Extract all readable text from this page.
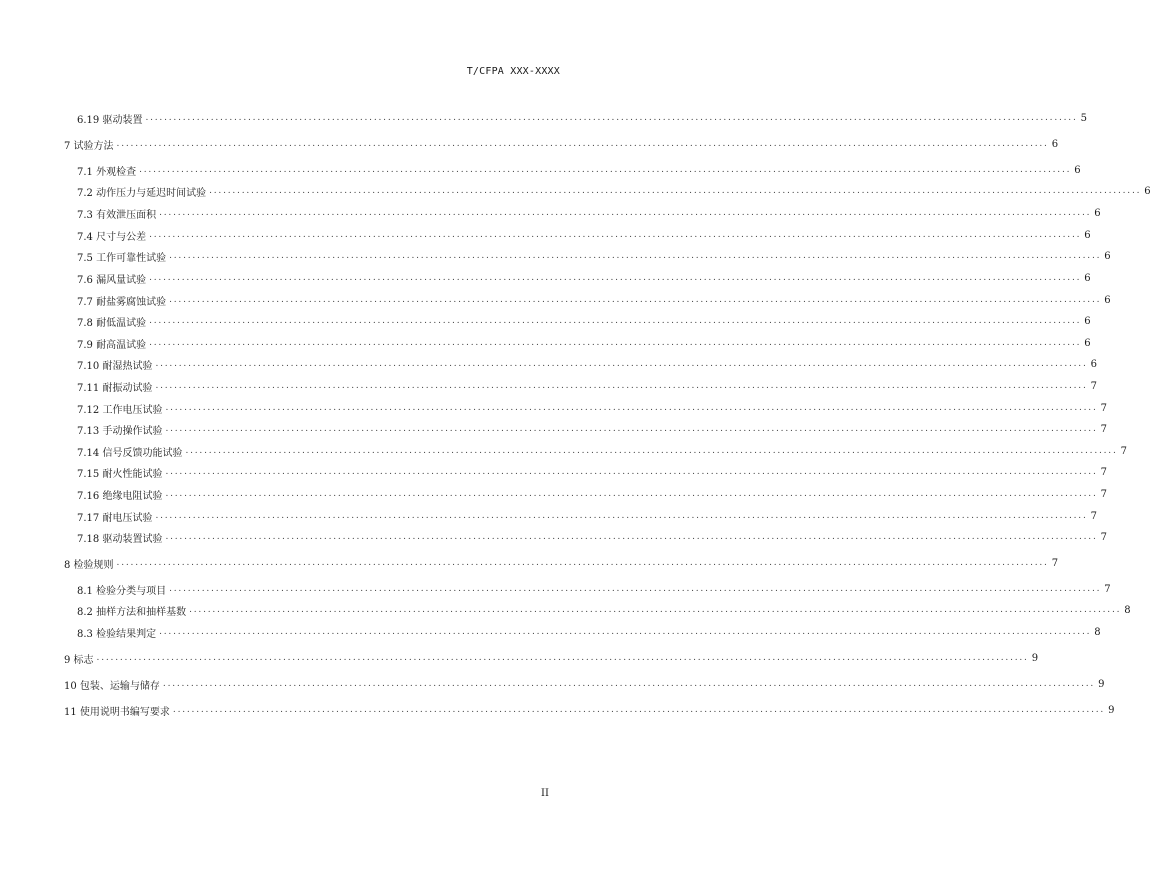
T/CFPA XXX-XXXX
6.19 驱动装置 ........................................................................................................................................................................................................ 5
7 试验方法 ........................................................................................................................................................................................................ 6
7.1 外观检查 ........................................................................................................................................................................................................ 6
7.2 动作压力与延迟时间试验 ........................................................................................................................................................................................................ 6
7.3 有效泄压面积 ........................................................................................................................................................................................................ 6
7.4 尺寸与公差 ........................................................................................................................................................................................................ 6
7.5 工作可靠性试验 ........................................................................................................................................................................................................ 6
7.6 漏风量试验 ........................................................................................................................................................................................................ 6
7.7 耐盐雾腐蚀试验 ........................................................................................................................................................................................................ 6
7.8 耐低温试验 ........................................................................................................................................................................................................ 6
7.9 耐高温试验 ........................................................................................................................................................................................................ 6
7.10 耐湿热试验 ........................................................................................................................................................................................................ 6
7.11 耐振动试验 ........................................................................................................................................................................................................ 7
7.12 工作电压试验 ........................................................................................................................................................................................................ 7
7.13 手动操作试验 ........................................................................................................................................................................................................ 7
7.14 信号反馈功能试验 ........................................................................................................................................................................................................ 7
7.15 耐火性能试验 ........................................................................................................................................................................................................ 7
7.16 绝缘电阻试验 ........................................................................................................................................................................................................ 7
7.17 耐电压试验 ........................................................................................................................................................................................................ 7
7.18 驱动装置试验 ........................................................................................................................................................................................................ 7
8 检验规则 ........................................................................................................................................................................................................ 7
8.1 检验分类与项目 ........................................................................................................................................................................................................ 7
8.2 抽样方法和抽样基数 ........................................................................................................................................................................................................ 8
8.3 检验结果判定 ........................................................................................................................................................................................................ 8
9 标志 ........................................................................................................................................................................................................ 9
10 包装、运输与储存 ........................................................................................................................................................................................................ 9
11 使用说明书编写要求 ........................................................................................................................................................................................................ 9
II
